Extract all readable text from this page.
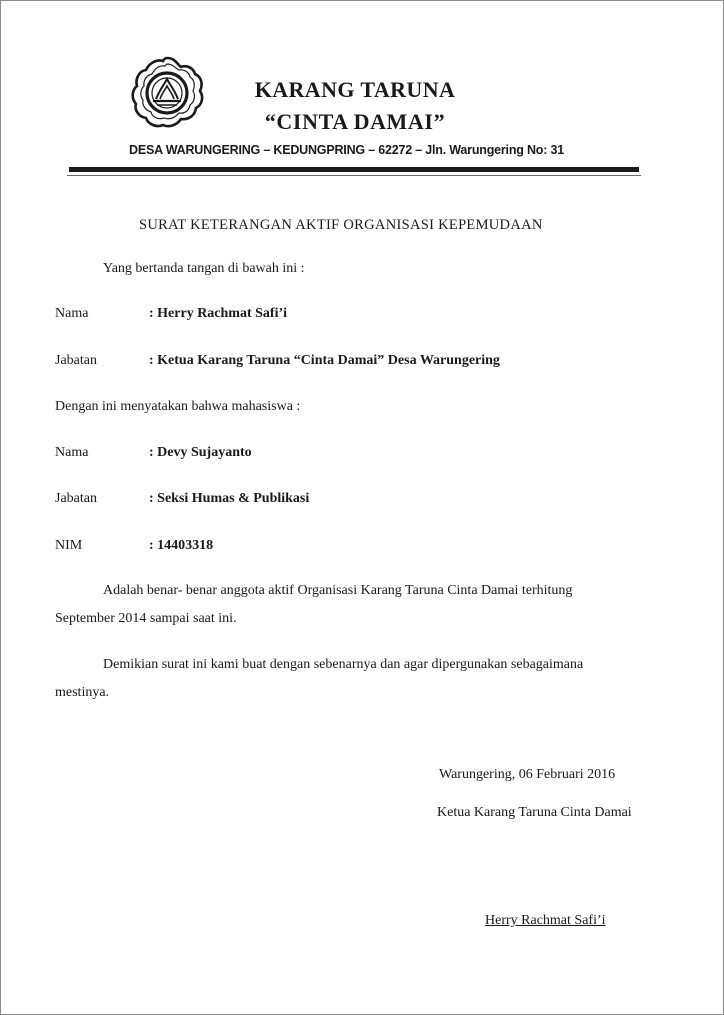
KARANG TARUNA
“CINTA DAMAI”
DESA WARUNGERING – KEDUNGPRING – 62272 – Jln. Warungering No: 31
SURAT KETERANGAN AKTIF ORGANISASI KEPEMUDAAN
Yang bertanda tangan di bawah ini :
Nama	: Herry Rachmat Safi’i
Jabatan	: Ketua Karang Taruna “Cinta Damai” Desa Warungering
Dengan ini menyatakan bahwa mahasiswa :
Nama	: Devy Sujayanto
Jabatan	: Seksi Humas & Publikasi
NIM	: 14403318
Adalah benar- benar anggota aktif Organisasi Karang Taruna Cinta Damai terhitung
September 2014 sampai saat ini.
Demikian surat ini kami buat dengan sebenarnya dan agar dipergunakan sebagaimana
mestinya.
Warungering, 06 Februari 2016
Ketua Karang Taruna Cinta Damai
Herry Rachmat Safi’i
